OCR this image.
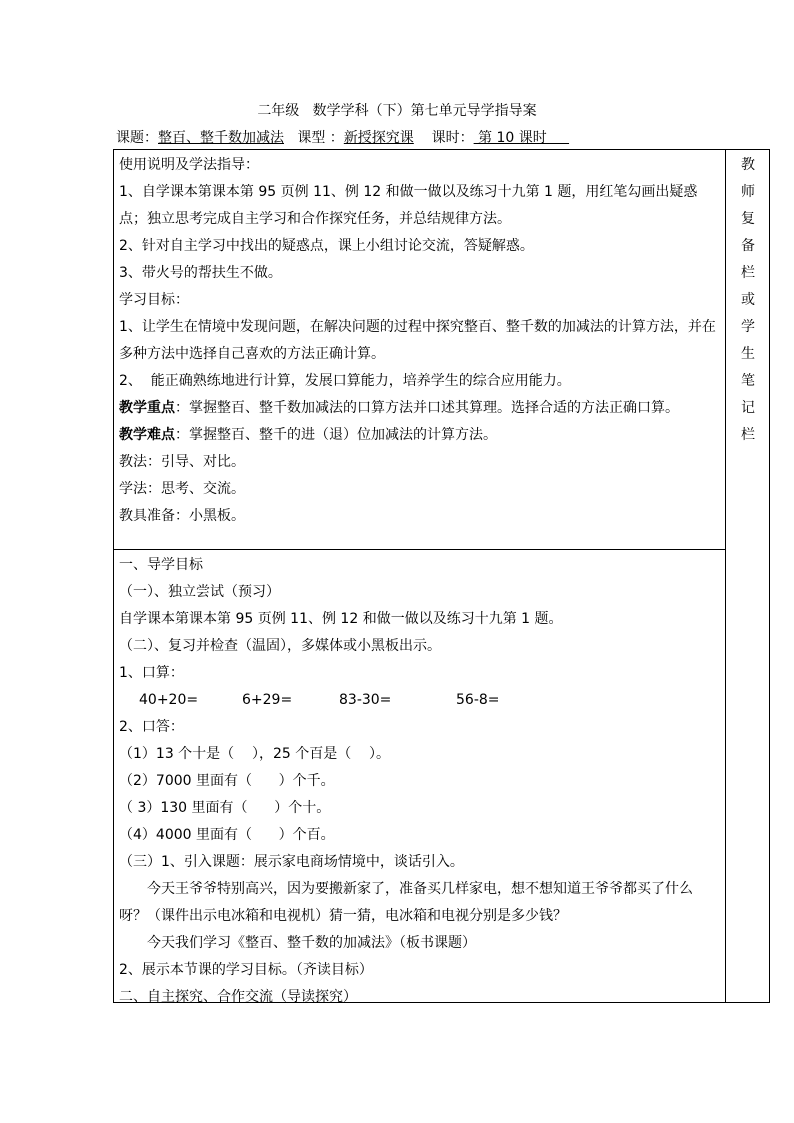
二年级   数学学科（下）第七单元导学指导案
课题：整百、整千数加减法 课型 ：新授探究课 课时： 第 10 课时
教
师
复
备
栏
或
学
生
笔
记
栏

使用说明及学法指导：

1、自学课本第课本第 95 页例 11、例 12 和做一做以及练习十九第 1 题，用红笔勾画出疑惑点；独立思考完成自主学习和合作探究任务，并总结规律方法。

2、针对自主学习中找出的疑惑点，课上小组讨论交流，答疑解惑。

3、带火号的帮扶生不做。

学习目标：

1、让学生在情境中发现问题，在解决问题的过程中探究整百、整千数的加减法的计算方法，并在多种方法中选择自己喜欢的方法正确计算。

2、  能正确熟练地进行计算，发展口算能力，培养学生的综合应用能力。

教学重点：掌握整百、整千数加减法的口算方法并口述其算理。选择合适的方法正确口算。

教学难点：掌握整百、整千的进（退）位加减法的计算方法。

教法：引导、对比。

学法：思考、交流。

教具准备：小黑板。

一、导学目标

（一）、独立尝试（预习）

自学课本第课本第 95 页例 11、例 12 和做一做以及练习十九第 1 题。

（二）、复习并检查（温固），多媒体或小黑板出示。

1、口算：

40+20=	6+29=	83-30=	56-8=

2、口答：

（1）13 个十是（    ），25 个百是（    ）。

（2）7000 里面有（      ）个千。

（ 3）130 里面有（      ）个十。

（4）4000 里面有（      ）个百。

（三）1、引入课题：展示家电商场情境中，谈话引入。

今天王爷爷特别高兴，因为要搬新家了，准备买几样家电，想不想知道王爷爷都买了什么呀？（课件出示电冰箱和电视机）猜一猜，电冰箱和电视分别是多少钱？

今天我们学习《整百、整千数的加减法》（板书课题）

2、展示本节课的学习目标。（齐读目标）

二、自主探究、合作交流（导读探究）
